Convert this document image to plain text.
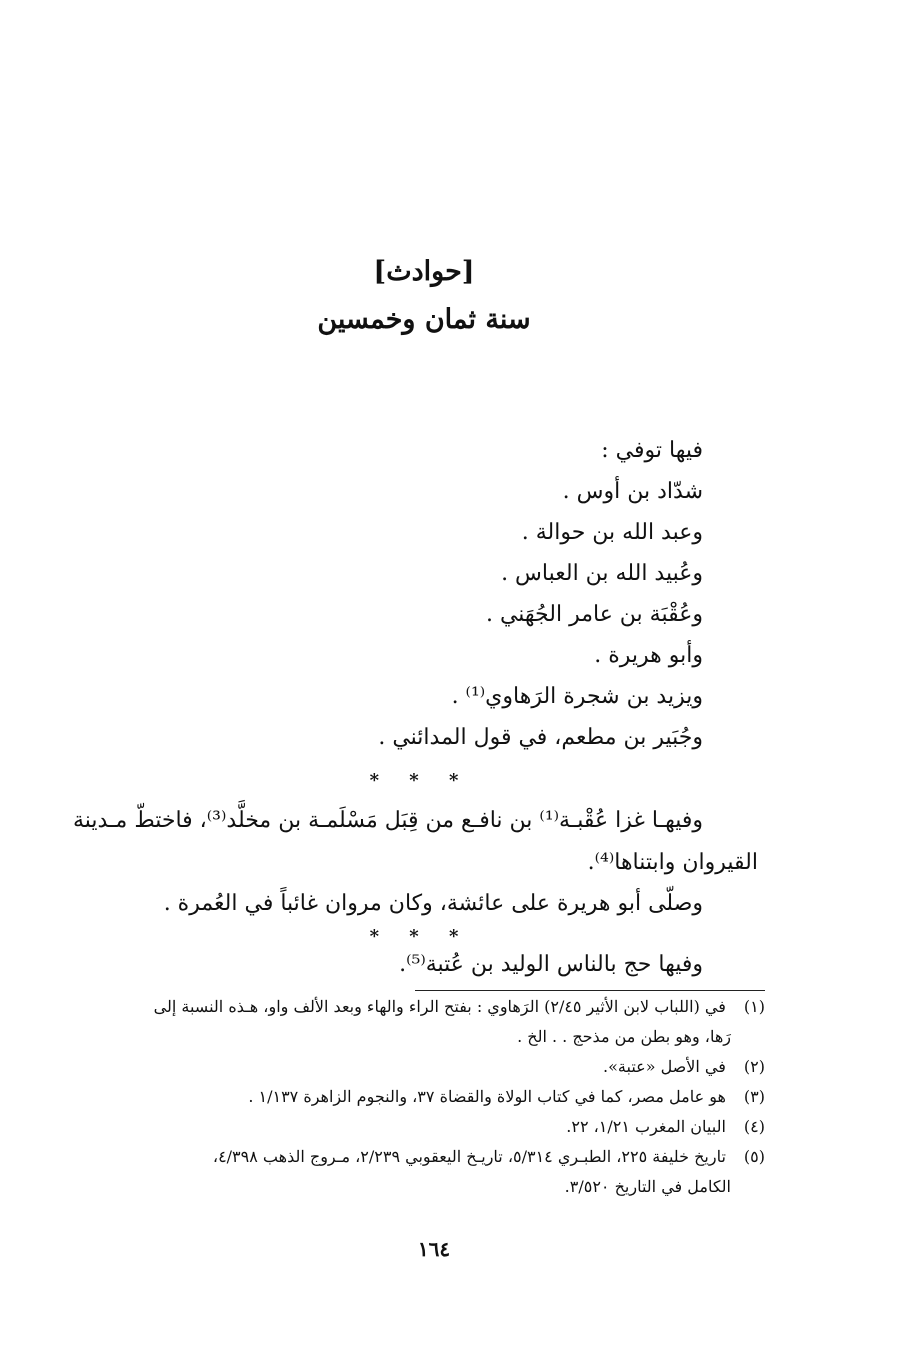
[حوادث]
سنة ثمان وخمسين
فيها توفي :
شدّاد بن أوس .
وعبد الله بن حوالة .
وعُبيد الله بن العباس .
وعُقْبَة بن عامر الجُهَني .
وأبو هريرة .
ويزيد بن شجرة الرَهاوي⁽¹⁾ .
وجُبَير بن مطعم، في قول المدائني .
* * *
وفيهـا غزا عُقْبـة⁽¹⁾ بن نافـع من قِبَل مَسْلَمـة بن مخلَّد⁽³⁾، فاختطّ مـدينة
القيروان وابتناها⁽⁴⁾.
وصلّى أبو هريرة على عائشة، وكان مروان غائباً في العُمرة .
* * *
وفيها حج بالناس الوليد بن عُتبة⁽⁵⁾.
(١) في (اللباب لابن الأثير ٢/٤٥) الرَهاوي : بفتح الراء والهاء وبعد الألف واو، هـذه النسبة إلى
رَها، وهو بطن من مذحج . . الخ .
(٢) في الأصل «عتبة».
(٣) هو عامل مصر، كما في كتاب الولاة والقضاة ٣٧، والنجوم الزاهرة ١/١٣٧ .
(٤) البيان المغرب ١/٢١، ٢٢.
(٥) تاريخ خليفة ٢٢٥، الطبـري ٥/٣١٤، تاريـخ اليعقوبي ٢/٢٣٩، مـروج الذهب ٤/٣٩٨،
الكامل في التاريخ ٣/٥٢٠.
١٦٤
